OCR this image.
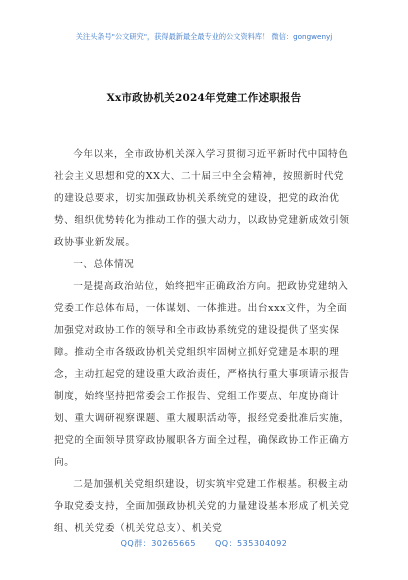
关注头条号"公文研究"，获得最新最全最专业的公文资料库！ 微信：gongwenyj
Xx市政协机关2024年党建工作述职报告

今年以来，全市政协机关深入学习贯彻习近平新时代中国特色社会主义思想和党的XX大、二十届三中全会精神，按照新时代党的建设总要求，切实加强政协机关系统党的建设，把党的政治优势、组织优势转化为推动工作的强大动力，以政协党建新成效引领政协事业新发展。

一、总体情况

一是提高政治站位，始终把牢正确政治方向。把政协党建纳入党委工作总体布局，一体谋划、一体推进。出台xxx文件，为全面加强党对政协工作的领导和全市政协系统党的建设提供了坚实保障。推动全市各级政协机关党组织牢固树立抓好党建是本职的理念，主动扛起党的建设重大政治责任，严格执行重大事项请示报告制度，始终坚持把常委会工作报告、党组工作要点、年度协商计划、重大调研视察课题、重大履职活动等，报经党委批准后实施，把党的全面领导贯穿政协履职各方面全过程，确保政协工作正确方向。

二是加强机关党组织建设，切实筑牢党建工作根基。积极主动争取党委支持，全面加强政协机关党的力量建设基本形成了机关党组、机关党委（机关党总支）、机关党

QQ群：30265665 QQ：535304092
